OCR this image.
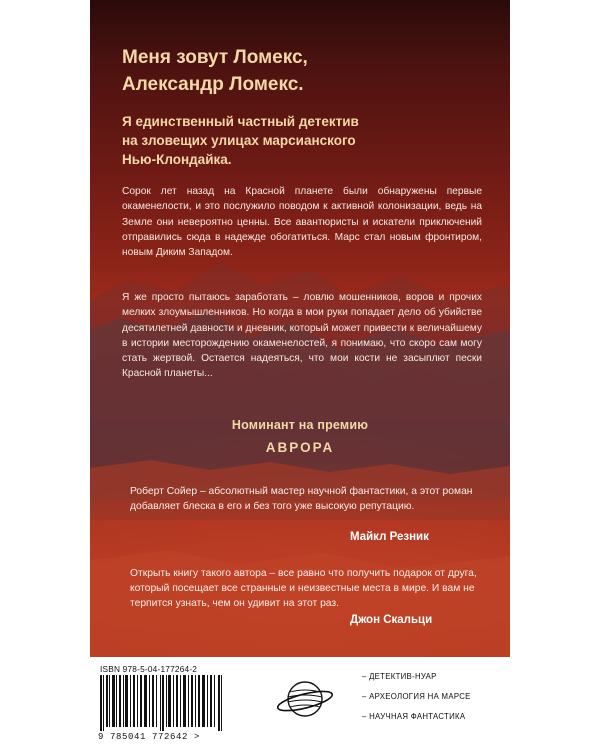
Меня зовут Ломекс,
Александр Ломекс.
Я единственный частный детектив
на зловещих улицах марсианского
Нью-Клондайка.
Сорок лет назад на Красной планете были обнаружены первые окаменелости, и это послужило поводом к активной колонизации, ведь на Земле они невероятно ценны. Все авантюристы и искатели приключений отправились сюда в надежде обогатиться. Марс стал новым фронтиром, новым Диким Западом.
Я же просто пытаюсь заработать – ловлю мошенников, воров и прочих мелких злоумышленников. Но когда в мои руки попадает дело об убийстве десятилетней давности и дневник, который может привести к величайшему в истории месторождению окаменелостей, я понимаю, что скоро сам могу стать жертвой. Остается надеяться, что мои кости не засыплют пески Красной планеты...
Номинант на премию
АВРОРА
Роберт Сойер – абсолютный мастер научной фантастики, а этот роман добавляет блеска в его и без того уже высокую репутацию.
Майкл Резник
Открыть книгу такого автора – все равно что получить подарок от друга, который посещает все странные и неизвестные места в мире. И вам не терпится узнать, чем он удивит на этот раз.
Джон Скальци
ISBN 978-5-04-177264-2
9 785041 772642 >
– ДЕТЕКТИВ-НУАР
– АРХЕОЛОГИЯ НА МАРСЕ
– НАУЧНАЯ ФАНТАСТИКА
